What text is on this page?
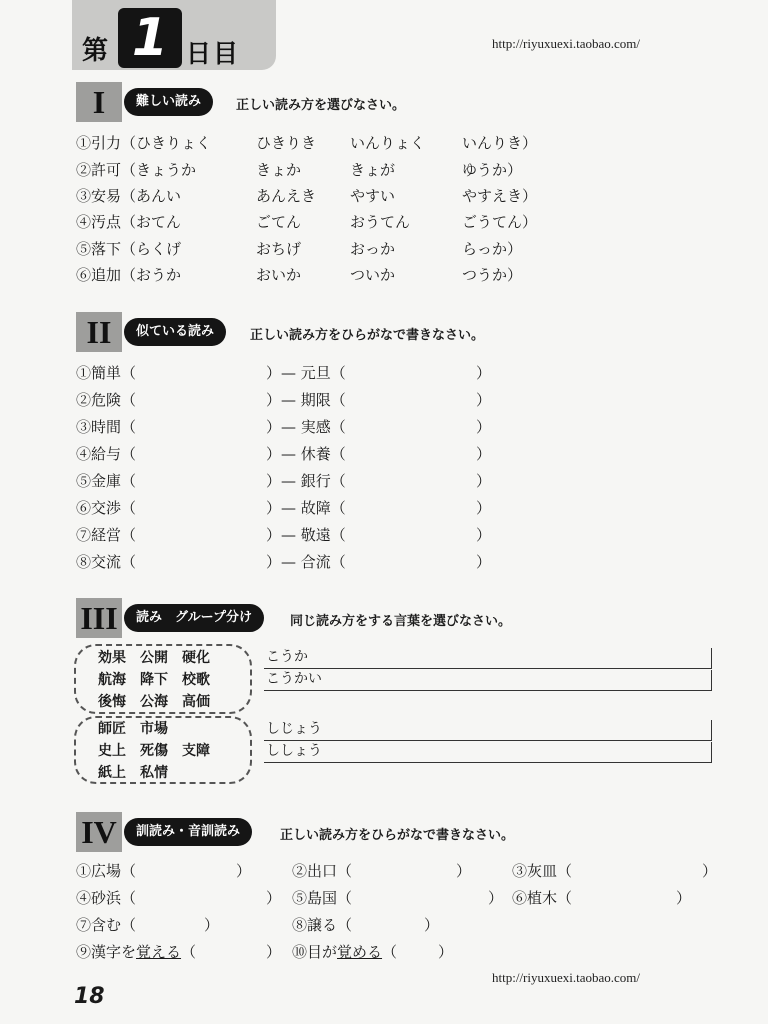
第 1 日目	http://riyuxuexi.taobao.com/
I	難しい読み	正しい読み方を選びなさい。
①引力（ひきりょく	ひきりき いんりょく いんりき）
②許可（きょうか	きょか	きょが	ゆうか）
③安易（あんい	あんえき やすい	やすえき）
④汚点（おてん	ごてん	おうてん	ごうてん）
⑤落下（らくげ	おちげ	おっか	らっか）
⑥追加（おうか	おいか	ついか	つうか）
II	似ている読み	正しい読み方をひらがなで書きなさい。
①簡単（	）— 元旦（	）
②危険（	）— 期限（	）
③時間（	）— 実感（	）
④給与（	）— 休養（	）
⑤金庫（	）— 銀行（	）
⑥交渉（	）— 故障（	）
⑦経営（	）— 敬遠（	）
⑧交流（	）— 合流（	）
III	読み　グループ分け	同じ読み方をする言葉を選びなさい。
効果　公開　硬化
航海　降下　校歌
後悔　公海　高価
こうか
こうかい
師匠　市場
史上　死傷　支障
紙上　私情
しじょう
ししょう
IV	訓読み・音訓読み	正しい読み方をひらがなで書きなさい。
①広場（	）	②出口（	）	③灰皿（	）
④砂浜（	） ⑤島国（	） ⑥植木（	）
⑦含む（	）	⑧譲る（	）
⑨漢字を覚える（	） ⑩目が覚める（	）
http://riyuxuexi.taobao.com/
18
